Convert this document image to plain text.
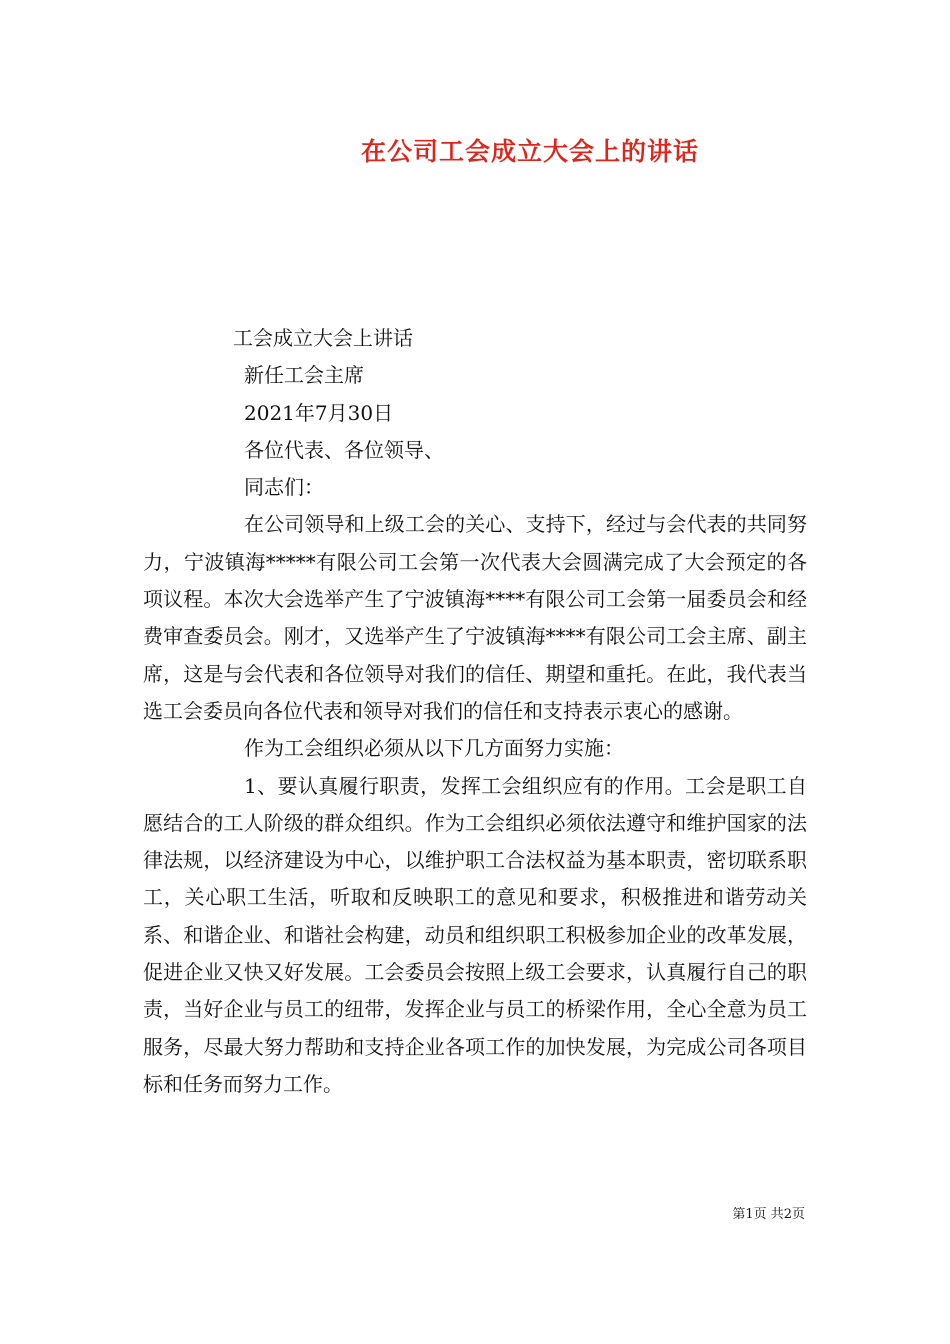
在公司工会成立大会上的讲话

工会成立大会上讲话

新任工会主席

2021年7月30日

各位代表、各位领导、

同志们：

在公司领导和上级工会的关心、支持下，经过与会代表的共同努力，宁波镇海*****有限公司工会第一次代表大会圆满完成了大会预定的各项议程。本次大会选举产生了宁波镇海****有限公司工会第一届委员会和经费审查委员会。刚才，又选举产生了宁波镇海****有限公司工会主席、副主席，这是与会代表和各位领导对我们的信任、期望和重托。在此，我代表当选工会委员向各位代表和领导对我们的信任和支持表示衷心的感谢。

作为工会组织必须从以下几方面努力实施：

1、要认真履行职责，发挥工会组织应有的作用。工会是职工自愿结合的工人阶级的群众组织。作为工会组织必须依法遵守和维护国家的法律法规，以经济建设为中心，以维护职工合法权益为基本职责，密切联系职工，关心职工生活，听取和反映职工的意见和要求，积极推进和谐劳动关系、和谐企业、和谐社会构建，动员和组织职工积极参加企业的改革发展，促进企业又快又好发展。工会委员会按照上级工会要求，认真履行自己的职责，当好企业与员工的纽带，发挥企业与员工的桥梁作用，全心全意为员工服务，尽最大努力帮助和支持企业各项工作的加快发展，为完成公司各项目标和任务而努力工作。

第1页 共2页
